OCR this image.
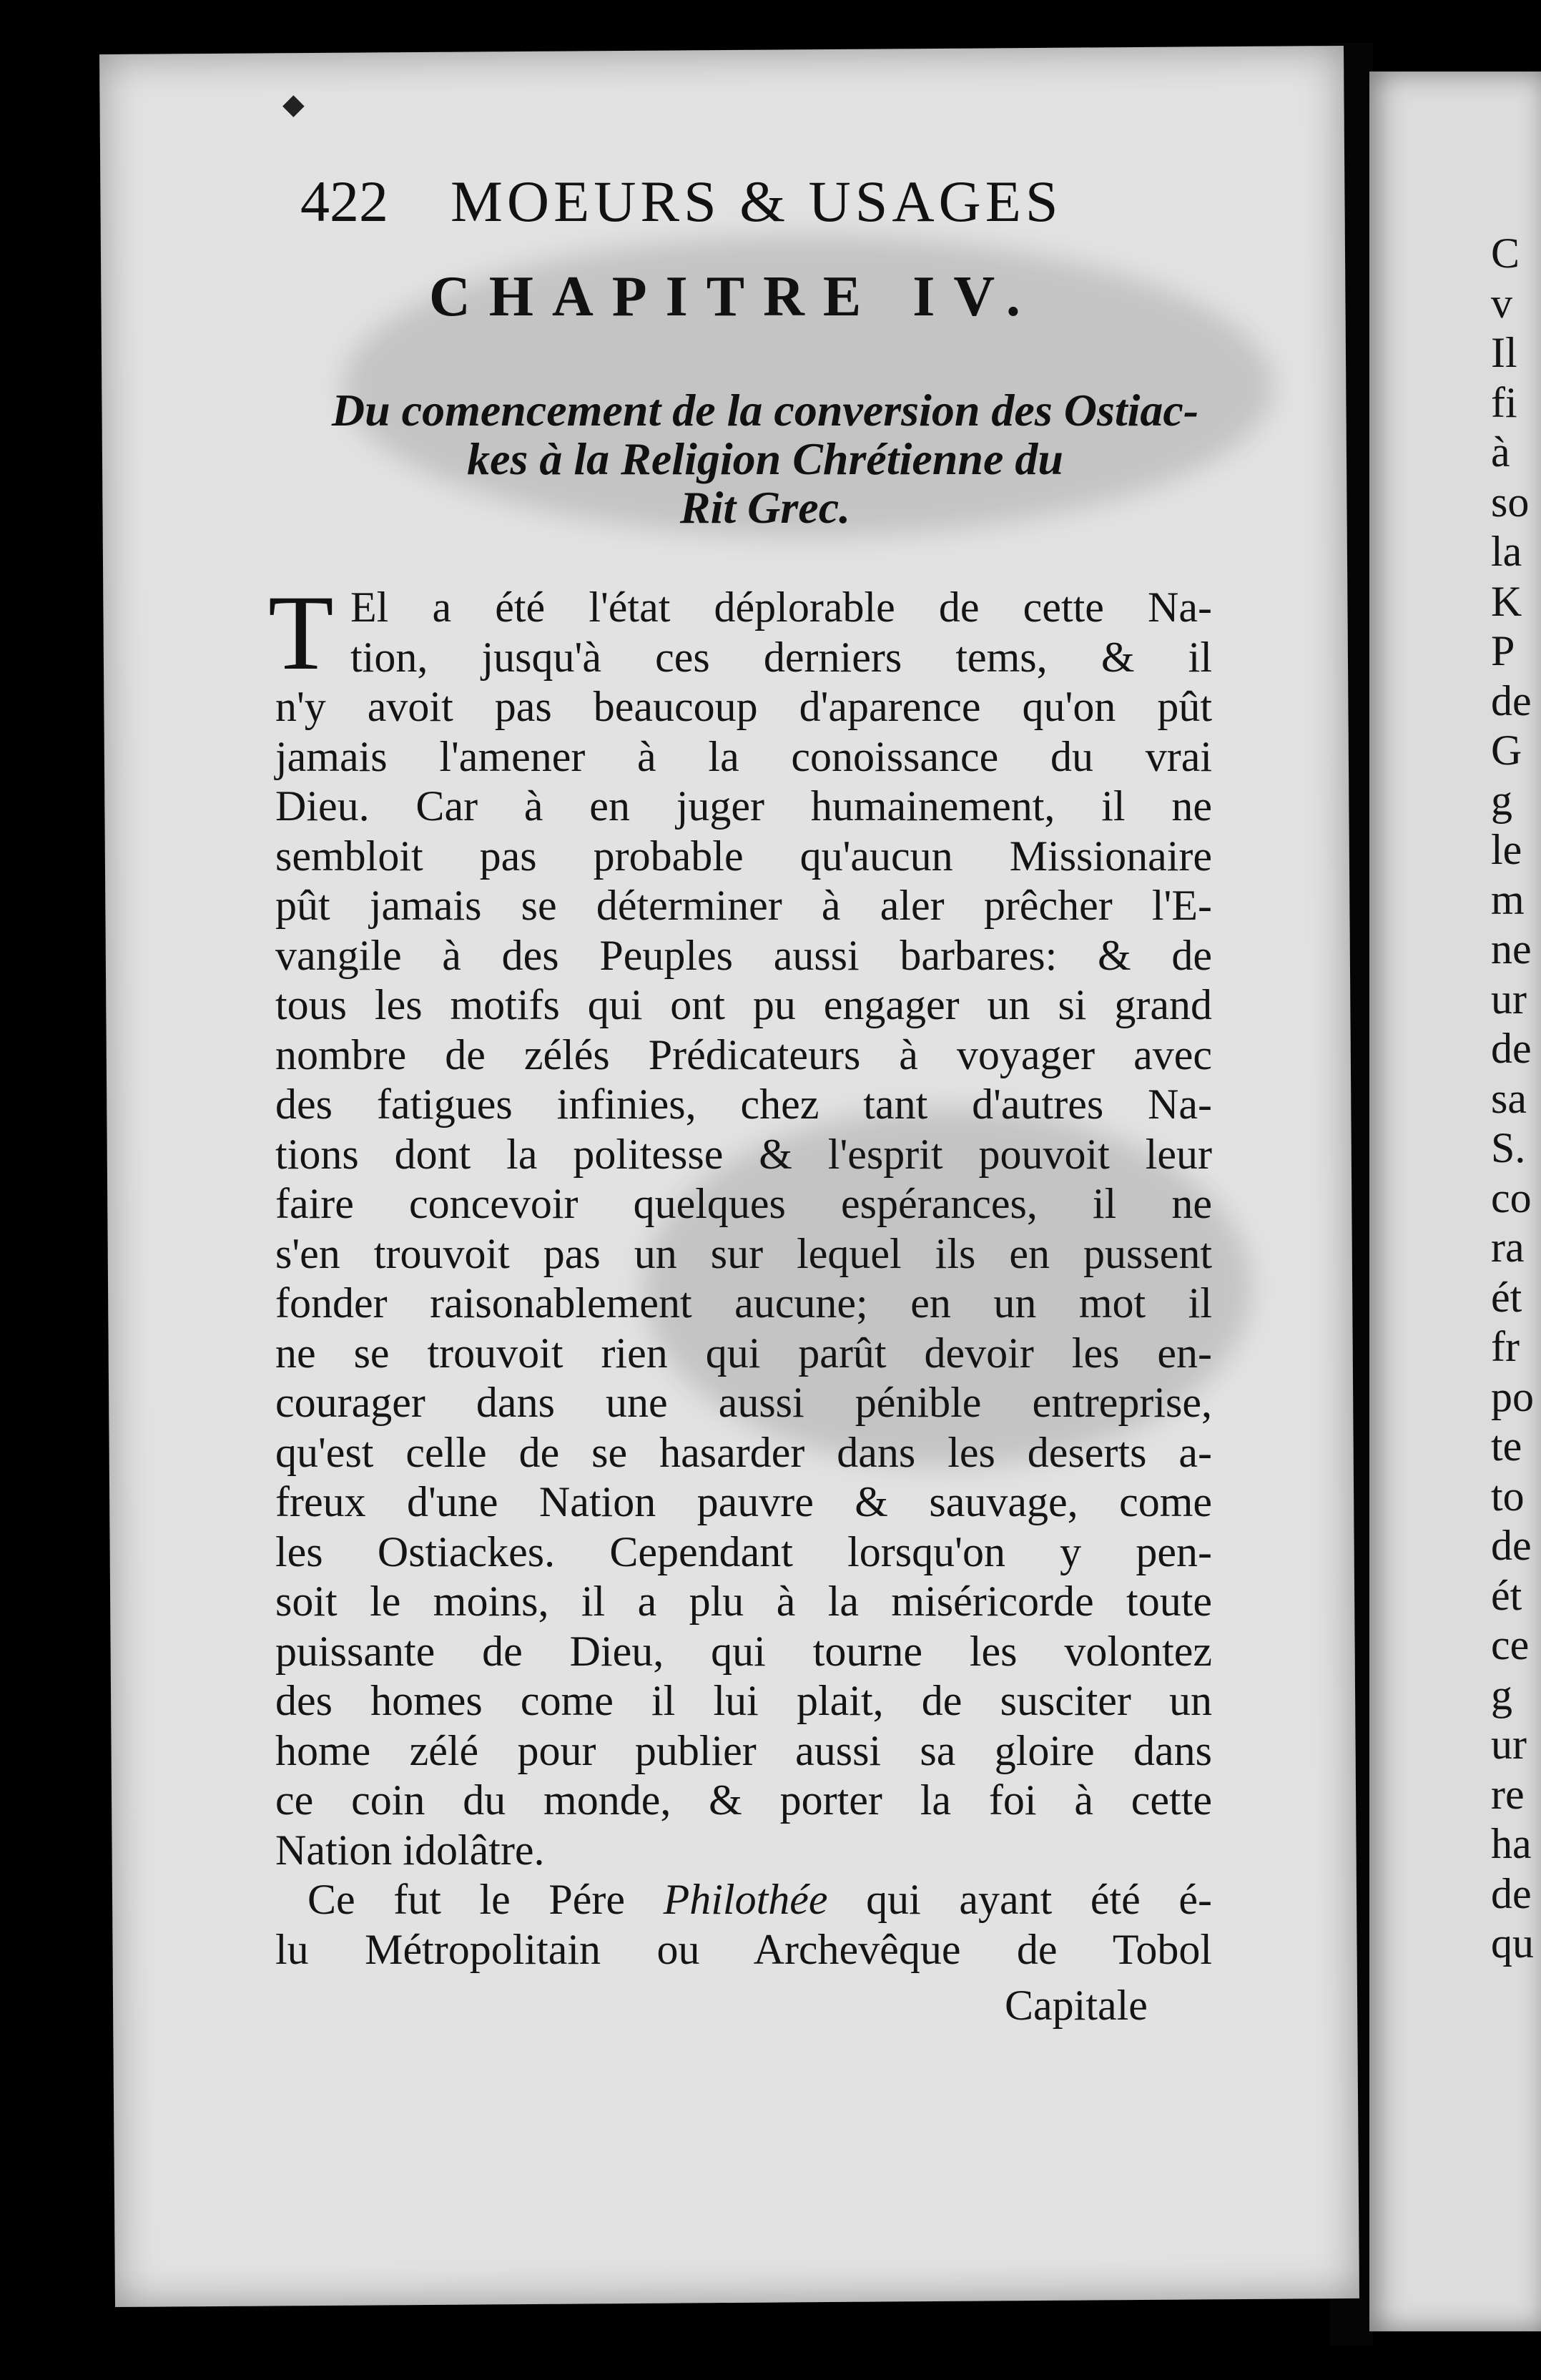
◆
422 MOEURS & USAGES
CHAPITRE IV.
Du comencement de la conversion des Ostiac-
kes à la Religion Chrétienne du
Rit Grec.
T El a été l'état déplorable de cette Na-
tion, jusqu'à ces derniers tems, & il
n'y avoit pas beaucoup d'aparence qu'on pût
jamais l'amener à la conoissance du vrai
Dieu. Car à en juger humainement, il ne
sembloit pas probable qu'aucun Missionaire
pût jamais se déterminer à aler prêcher l'E-
vangile à des Peuples aussi barbares: & de
tous les motifs qui ont pu engager un si grand
nombre de zélés Prédicateurs à voyager avec
des fatigues infinies, chez tant d'autres Na-
tions dont la politesse & l'esprit pouvoit leur
faire concevoir quelques espérances, il ne
s'en trouvoit pas un sur lequel ils en pussent
fonder raisonablement aucune; en un mot il
ne se trouvoit rien qui parût devoir les en-
courager dans une aussi pénible entreprise,
qu'est celle de se hasarder dans les deserts a-
freux d'une Nation pauvre & sauvage, come
les Ostiackes. Cependant lorsqu'on y pen-
soit le moins, il a plu à la miséricorde toute
puissante de Dieu, qui tourne les volontez
des homes come il lui plait, de susciter un
home zélé pour publier aussi sa gloire dans
ce coin du monde, & porter la foi à cette
Nation idolâtre.
Ce fut le Pére Philothée qui ayant été é-
lu Métropolitain ou Archevêque de Tobol
Capitale
C
v
Il
fi
à
so
la
K
P
de
G
g
le
m
ne
ur
de
sa
S.
co
ra
ét
fr
po
te
to
de
ét
ce
g
ur
re
ha
de
qu
